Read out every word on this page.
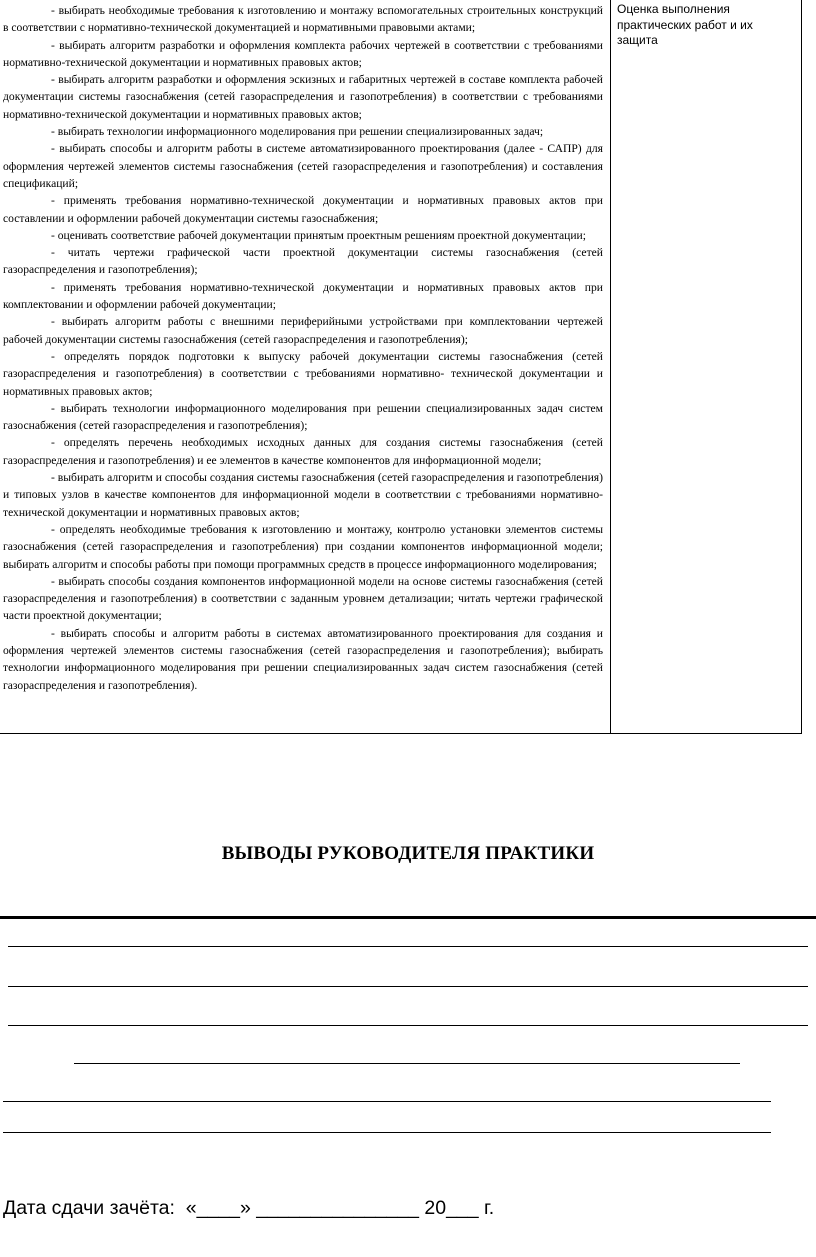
- выбирать необходимые требования к изготовлению и монтажу вспомогательных строительных конструкций в соответствии с нормативно-технической документацией и нормативными правовыми актами;

- выбирать алгоритм разработки и оформления комплекта рабочих чертежей в соответствии с требованиями нормативно-технической документации и нормативных правовых актов;

- выбирать алгоритм разработки и оформления эскизных и габаритных чертежей в составе комплекта рабочей документации системы газоснабжения (сетей газораспределения и газопотребления) в соответствии с требованиями нормативно-технической документации и нормативных правовых актов;

- выбирать технологии информационного моделирования при решении специализированных задач;

- выбирать способы и алгоритм работы в системе автоматизированного проектирования (далее - САПР) для оформления чертежей элементов системы газоснабжения (сетей газораспределения и газопотребления) и составления спецификаций;

- применять требования нормативно-технической документации и нормативных правовых актов при составлении и оформлении рабочей документации системы газоснабжения;

- оценивать соответствие рабочей документации принятым проектным решениям проектной документации;

- читать чертежи графической части проектной документации системы газоснабжения (сетей газораспределения и газопотребления);

- применять требования нормативно-технической документации и нормативных правовых актов при комплектовании и оформлении рабочей документации;

- выбирать алгоритм работы с внешними периферийными устройствами при комплектовании чертежей рабочей документации системы газоснабжения (сетей газораспределения и газопотребления);

- определять порядок подготовки к выпуску рабочей документации системы газоснабжения (сетей газораспределения и газопотребления) в соответствии с требованиями нормативно- технической документации и нормативных правовых актов;

- выбирать технологии информационного моделирования при решении специализированных задач систем газоснабжения (сетей газораспределения и газопотребления);

- определять перечень необходимых исходных данных для создания системы газоснабжения (сетей газораспределения и газопотребления) и ее элементов в качестве компонентов для информационной модели;

- выбирать алгоритм и способы создания системы газоснабжения (сетей газораспределения и газопотребления) и типовых узлов в качестве компонентов для информационной модели в соответствии с требованиями нормативно-технической документации и нормативных правовых актов;

- определять необходимые требования к изготовлению и монтажу, контролю установки элементов системы газоснабжения (сетей газораспределения и газопотребления) при создании компонентов информационной модели; выбирать алгоритм и способы работы при помощи программных средств в процессе информационного моделирования;

- выбирать способы создания компонентов информационной модели на основе системы газоснабжения (сетей газораспределения и газопотребления) в соответствии с заданным уровнем детализации; читать чертежи графической части проектной документации;

- выбирать способы и алгоритм работы в системах автоматизированного проектирования для создания и оформления чертежей элементов системы газоснабжения (сетей газораспределения и газопотребления); выбирать технологии информационного моделирования при решении специализированных задач систем газоснабжения (сетей газораспределения и газопотребления).

Оценка выполнения практических работ и их защита
ВЫВОДЫ РУКОВОДИТЕЛЯ ПРАКТИКИ
Дата сдачи зачёта: «____» _______________ 20___ г.
